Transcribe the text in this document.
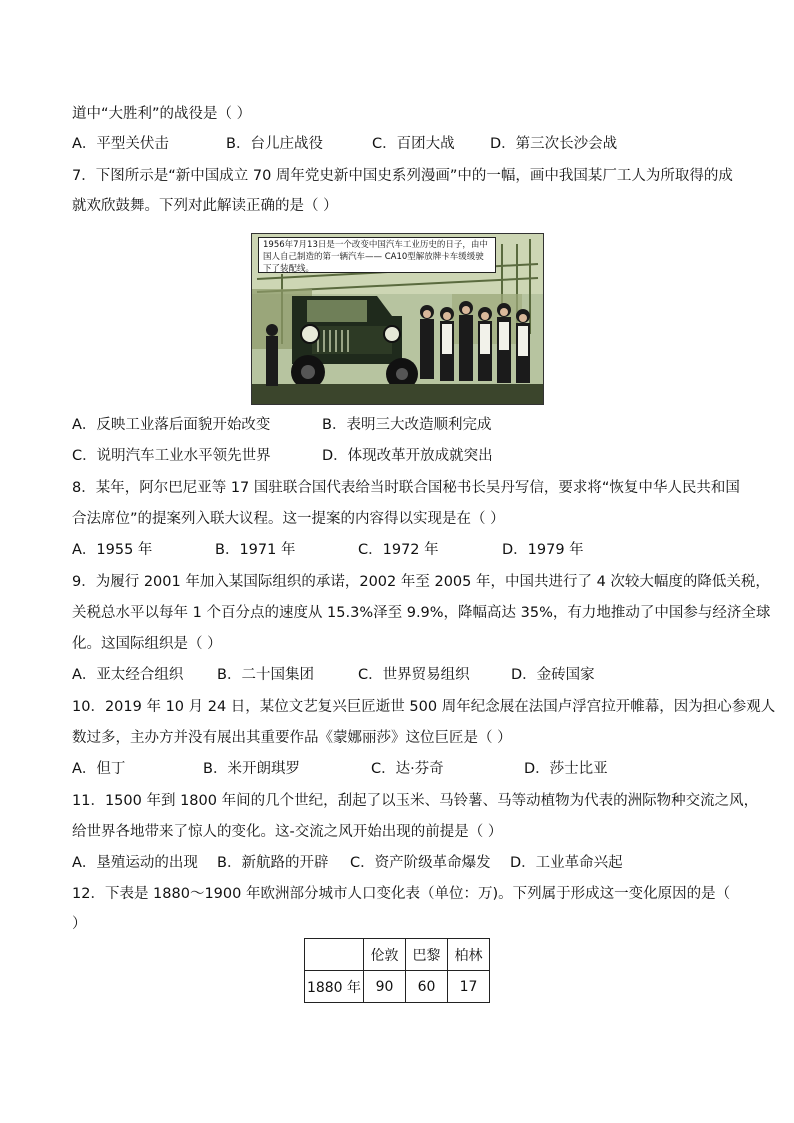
道中“大胜利”的战役是（ ）
A．平型关伏击	B．台儿庄战役	C．百团大战 D．第三次长沙会战
7．下图所示是“新中国成立 70 周年党史新中国史系列漫画”中的一幅，画中我国某厂工人为所取得的成
就欢欣鼓舞。下列对此解读正确的是（ ）
1956年7月13日是一个改变中国汽车工业历史的日子，由中国人自己制造的第一辆汽车—— CA10型解放牌卡车缓缓驶下了装配线。
A．反映工业落后面貌开始改变	B．表明三大改造顺利完成
C．说明汽车工业水平领先世界	D．体现改革开放成就突出
8．某年，阿尔巴尼亚等 17 国驻联合国代表给当时联合国秘书长吴丹写信，要求将“恢复中华人民共和国
合法席位”的提案列入联大议程。这一提案的内容得以实现是在（ ）
A．1955 年	B．1971 年	C．1972 年	D．1979 年
9．为履行 2001 年加入某国际组织的承诺，2002 年至 2005 年，中国共进行了 4 次较大幅度的降低关税，
关税总水平以每年 1 个百分点的速度从 15.3%泽至 9.9%，降幅高达 35%，有力地推动了中国参与经济全球
化。这国际组织是（ ）
A．亚太经合组织 B．二十国集团	C．世界贸易组织	D．金砖国家
10．2019 年 10 月 24 日，某位文艺复兴巨匠逝世 500 周年纪念展在法国卢浮宫拉开帷幕，因为担心参观人
数过多，主办方并没有展出其重要作品《蒙娜丽莎》这位巨匠是（ ）
A．但丁	B．米开朗琪罗	C．达·芬奇	D．莎士比亚
11．1500 年到 1800 年间的几个世纪，刮起了以玉米、马铃薯、马等动植物为代表的洲际物种交流之风，
给世界各地带来了惊人的变化。这-交流之风开始出现的前提是（ ）
A．垦殖运动的出现 B．新航路的开辟 C．资产阶级革命爆发 D．工业革命兴起
12．下表是 1880～1900 年欧洲部分城市人口变化表（单位：万)。下列属于形成这一变化原因的是（
）
	伦敦	巴黎	柏林
1880 年	90	60	17
